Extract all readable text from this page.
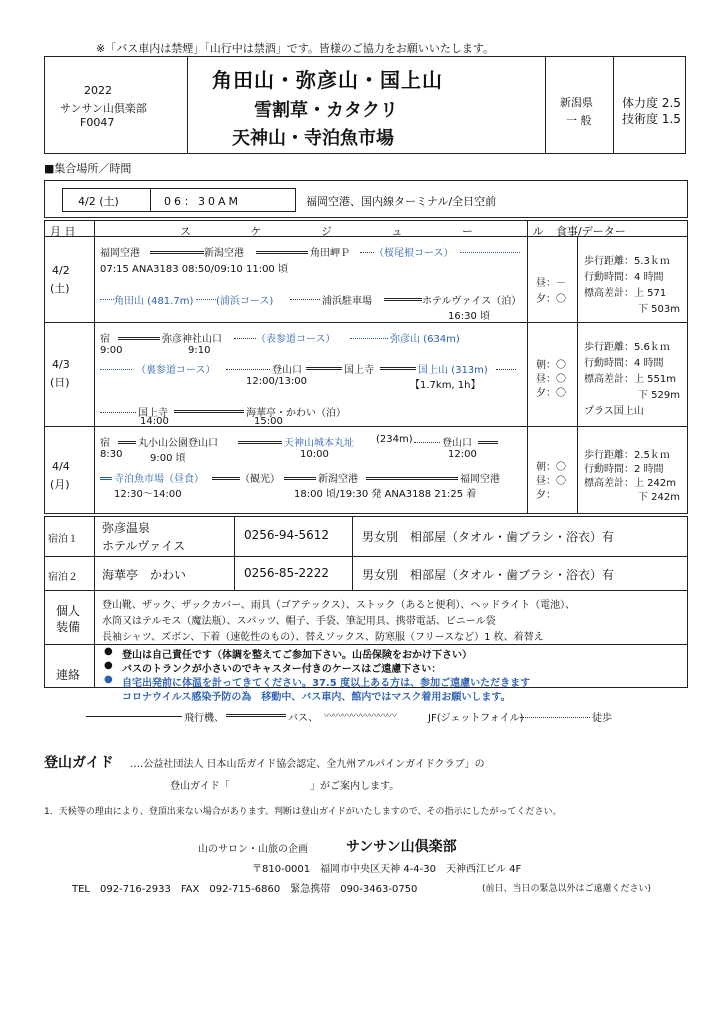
※「バス車内は禁煙」「山行中は禁酒」です。皆様のご協力をお願いいたします。
2022
サンサン山倶楽部
F0047
角田山・弥彦山・国上山
雪割草・カタクリ
天神山・寺泊魚市場
新潟県
一 般
体力度 2.5
技術度 1.5
■集合場所／時間
4/2 (土)	06：30AM	福岡空港、国内線ターミナル/全日空前
月 日	ス ケ ジ ュ ー ル
食事/データー
4/2
(土)
福岡空港	新潟空港	角田岬Ｐ （桜尾根コース）
07:15 ANA3183 08:50/09:10 11:00 頃
角田山 (481.7m) (浦浜コース)	浦浜駐車場	ホテルヴァイス（泊）
16:30 頃
昼：－
夕：〇
歩行距離：5.3ｋｍ
行動時間：4 時間
標高差計：上 571
下 503m
4/3
(日)
宿	弥彦神社山口	（表参道コース）	弥彦山 (634m)
9:00	9:10
（裏参道コース）	登山口	国上寺	国上山 (313m)
12:00/13:00	【1.7km, 1h】
国上寺	海華亭・かわい（泊）
14:00	15:00
朝：〇
昼：〇
夕：〇
歩行距離：5.6ｋｍ
行動時間：4 時間
標高差計：上 551m
下 529m
プラス国上山
4/4
(月)
宿	丸小山公園登山口	天神山城本丸址 (234m)	登山口
8:30	9:00 頃	10:00	12:00
寺泊魚市場（昼食）	（観光）	新潟空港	福岡空港
12:30～14:00	18:00 頃/19:30 発 ANA3188 21:25 着
朝：〇
昼：〇
夕：
歩行距離：2.5ｋｍ
行動時間：2 時間
標高差計：上 242m
下 242m
宿泊１
弥彦温泉
ホテルヴァイス
0256-94-5612	男女別　相部屋（タオル・歯ブラシ・浴衣）有
宿泊２ 海華亭　かわい	0256-85-2222	男女別　相部屋（タオル・歯ブラシ・浴衣）有
個人
装備
登山靴、ザック、ザックカバー、雨具（ゴアテックス）、ストック（あると便利）、ヘッドライト（電池）、
水筒又はテルモス（魔法瓶）、スパッツ、帽子、手袋、筆記用具、携帯電話、ビニール袋
長袖シャツ、ズボン、下着（速乾性のもの）、替えソックス、防寒服（フリースなど）1 枚、着替え
連絡
● 登山は自己責任です（体調を整えてご参加下さい。山岳保険をおかけ下さい）
● バスのトランクが小さいのでキャスター付きのケースはご遠慮下さい：
● 自宅出発前に体温を計ってきてください。37.5 度以上ある方は、参加ご遠慮いただきます
コロナウイルス感染予防の為　移動中、バス車内、館内ではマスク着用お願いします。
飛行機、	バス、 〰〰〰〰〰〰〰〰	JF(ジェットフォイル)	徒歩
登山ガイド ‥‥公益社団法人 日本山岳ガイド協会認定、全九州アルパインガイドクラブ」の
登山ガイド「	」がご案内します。
1．天候等の理由により、登頂出来ない場合があります。判断は登山ガイドがいたしますので、その指示にしたがってください。
山のサロン・山旅の企画	サンサン山倶楽部
〒810-0001　福岡市中央区天神 4-4-30　天神西江ビル 4F
TEL　092-716-2933　FAX　092-715-6860　緊急携帯　090-3463-0750	(前日、当日の緊急以外はご遠慮ください)
